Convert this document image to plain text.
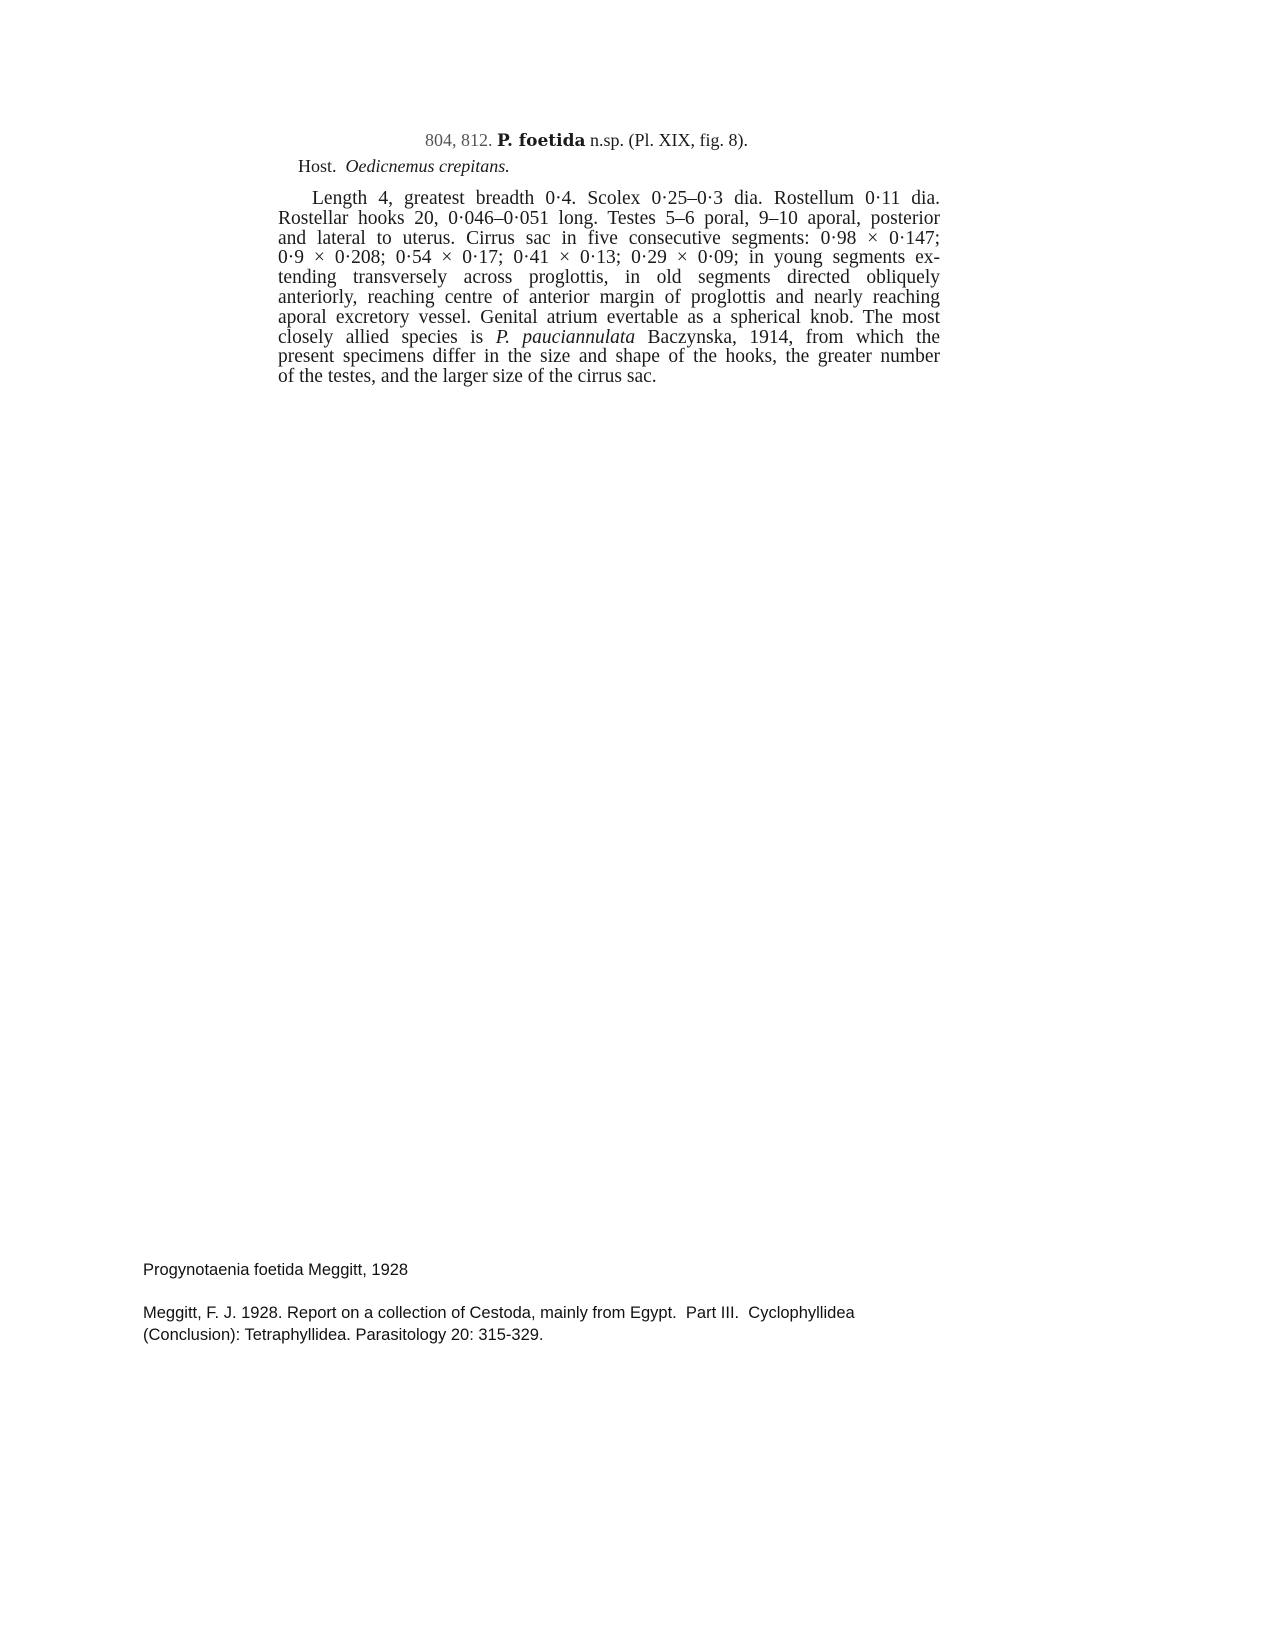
804, 812. P. foetida n.sp. (Pl. XIX, fig. 8).
Host. Oedicnemus crepitans.
Length 4, greatest breadth 0·4. Scolex 0·25–0·3 dia. Rostellum 0·11 dia.
Rostellar hooks 20, 0·046–0·051 long. Testes 5–6 poral, 9–10 aporal, posterior
and lateral to uterus. Cirrus sac in five consecutive segments: 0·98 × 0·147;
0·9 × 0·208; 0·54 × 0·17; 0·41 × 0·13; 0·29 × 0·09; in young segments ex-
tending transversely across proglottis, in old segments directed obliquely
anteriorly, reaching centre of anterior margin of proglottis and nearly reaching
aporal excretory vessel. Genital atrium evertable as a spherical knob. The most
closely allied species is P. pauciannulata Baczynska, 1914, from which the
present specimens differ in the size and shape of the hooks, the greater number
of the testes, and the larger size of the cirrus sac.
Progynotaenia foetida Meggitt, 1928
Meggitt, F. J. 1928. Report on a collection of Cestoda, mainly from Egypt.  Part III.  Cyclophyllidea
(Conclusion): Tetraphyllidea. Parasitology 20: 315-329.
